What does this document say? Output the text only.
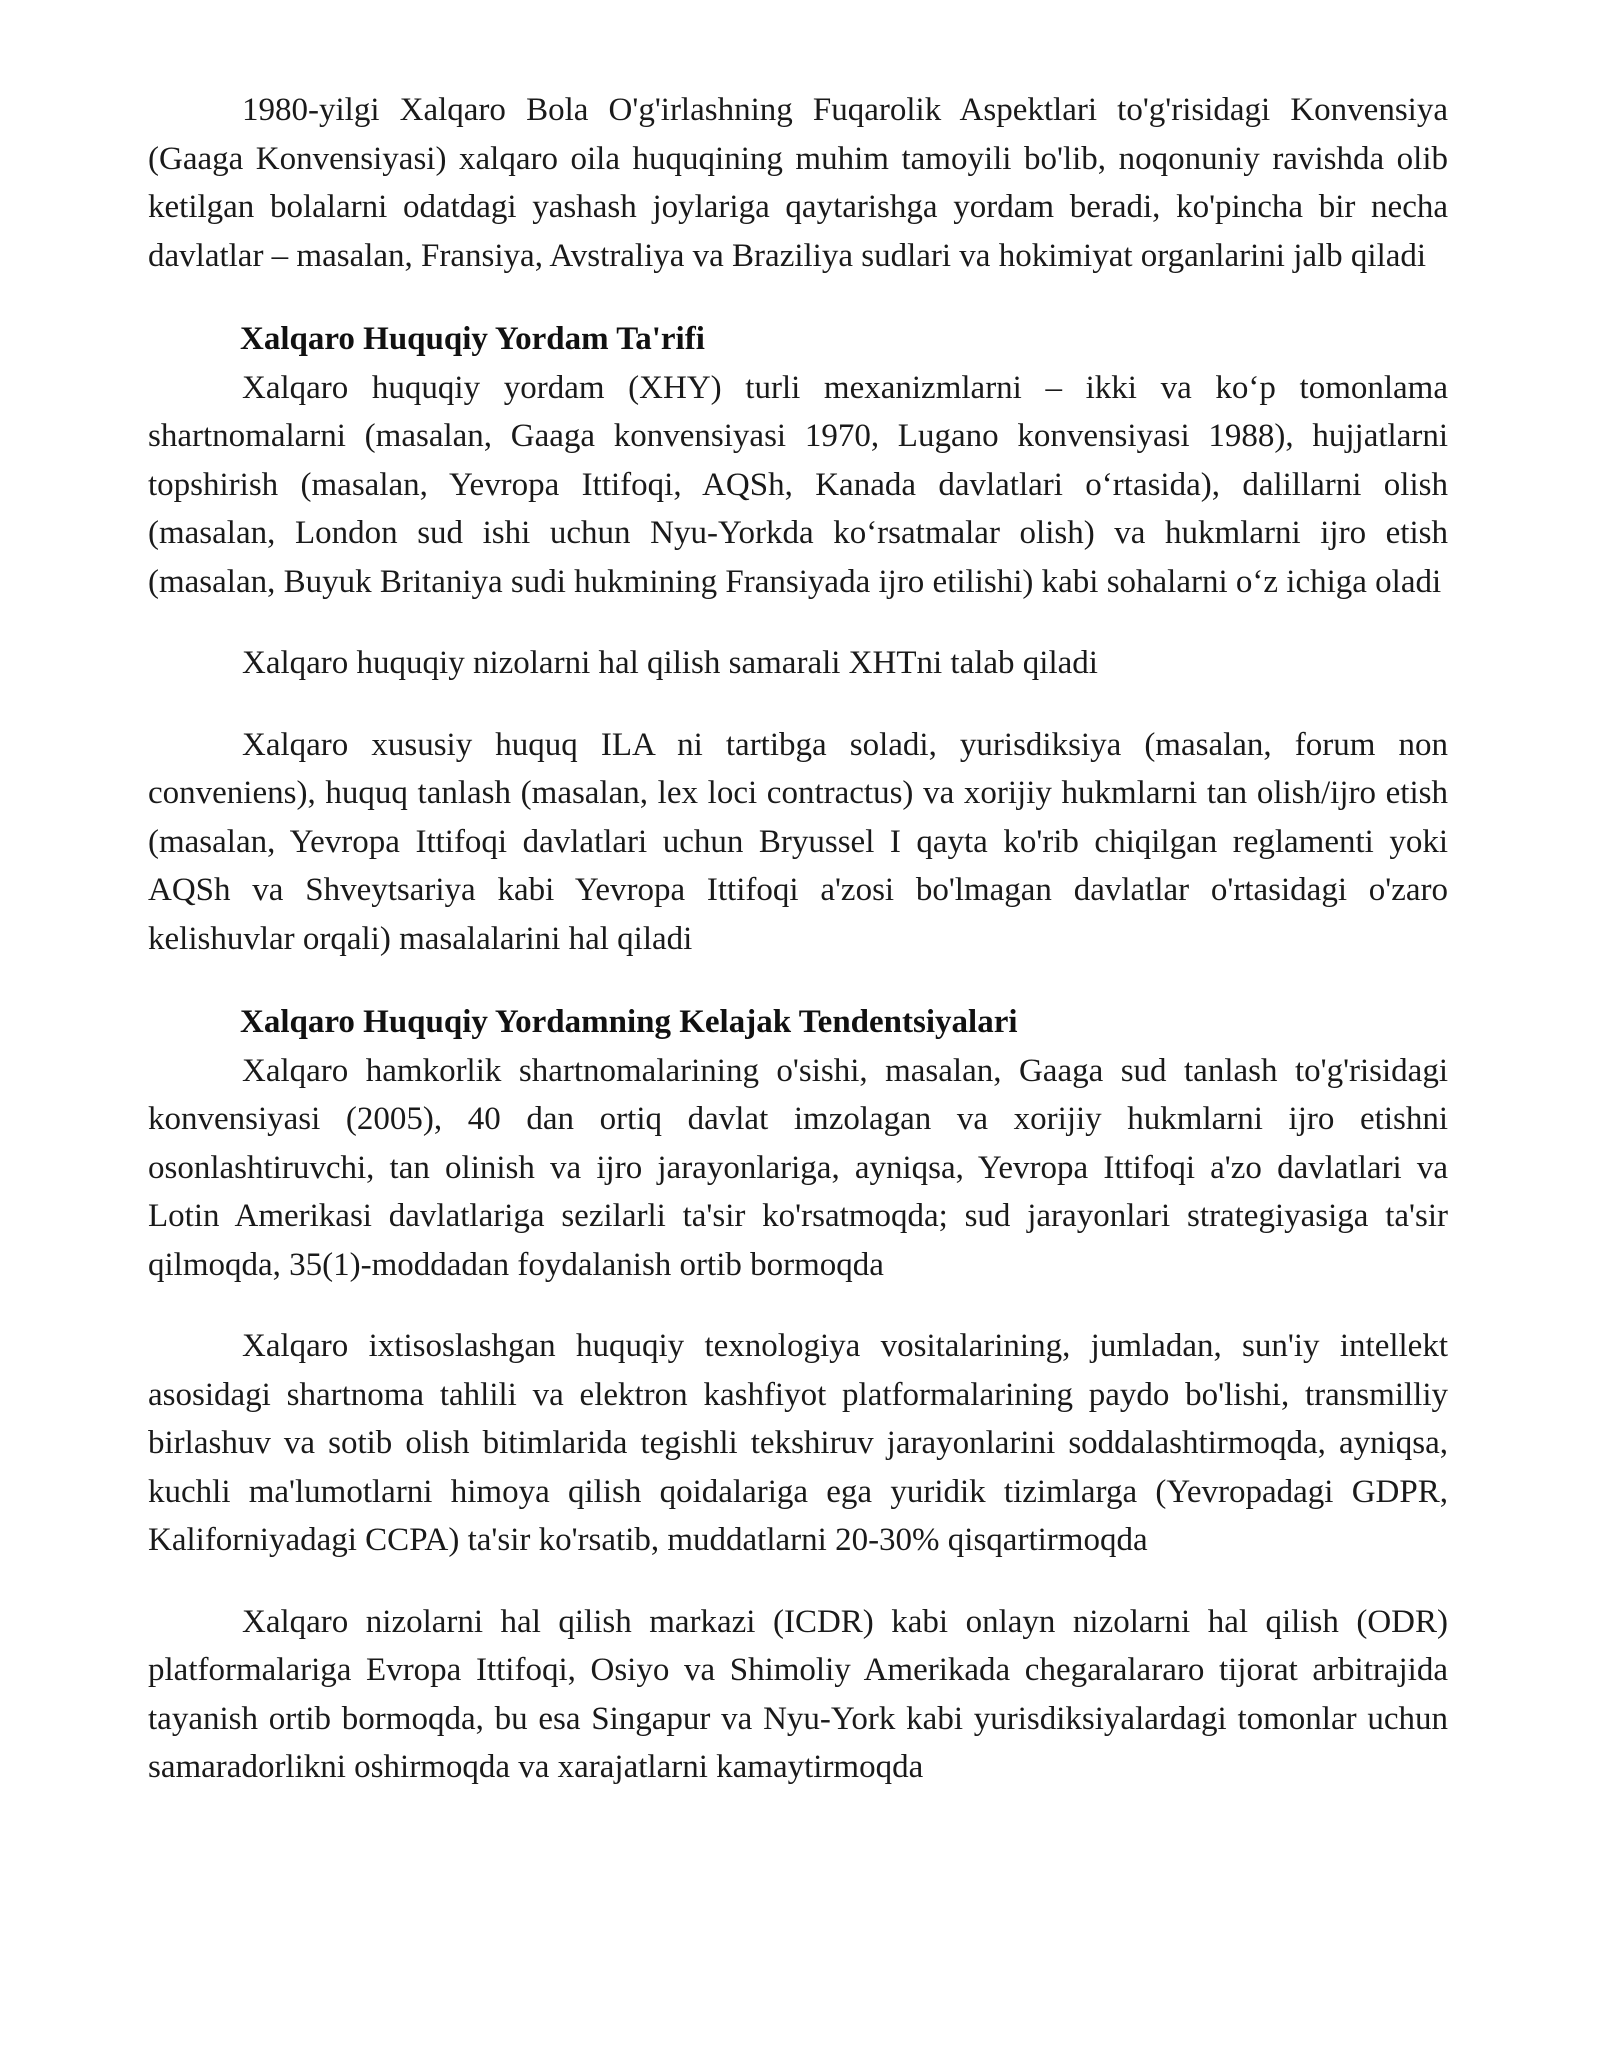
1980-yilgi Xalqaro Bola O'g'irlashning Fuqarolik Aspektlari to'g'risidagi Konvensiya (Gaaga Konvensiyasi) xalqaro oila huquqining muhim tamoyili bo'lib, noqonuniy ravishda olib ketilgan bolalarni odatdagi yashash joylariga qaytarishga yordam beradi, ko'pincha bir necha davlatlar – masalan, Fransiya, Avstraliya va Braziliya sudlari va hokimiyat organlarini jalb qiladi

Xalqaro Huquqiy Yordam Ta'rifi

Xalqaro huquqiy yordam (XHY) turli mexanizmlarni – ikki va koʻp tomonlama shartnomalarni (masalan, Gaaga konvensiyasi 1970, Lugano konvensiyasi 1988), hujjatlarni topshirish (masalan, Yevropa Ittifoqi, AQSh, Kanada davlatlari oʻrtasida), dalillarni olish (masalan, London sud ishi uchun Nyu-Yorkda koʻrsatmalar olish) va hukmlarni ijro etish (masalan, Buyuk Britaniya sudi hukmining Fransiyada ijro etilishi) kabi sohalarni oʻz ichiga oladi

Xalqaro huquqiy nizolarni hal qilish samarali XHTni talab qiladi

Xalqaro xususiy huquq ILA ni tartibga soladi, yurisdiksiya (masalan, forum non conveniens), huquq tanlash (masalan, lex loci contractus) va xorijiy hukmlarni tan olish/ijro etish (masalan, Yevropa Ittifoqi davlatlari uchun Bryussel I qayta ko'rib chiqilgan reglamenti yoki AQSh va Shveytsariya kabi Yevropa Ittifoqi a'zosi bo'lmagan davlatlar o'rtasidagi o'zaro kelishuvlar orqali) masalalarini hal qiladi

Xalqaro Huquqiy Yordamning Kelajak Tendentsiyalari

Xalqaro hamkorlik shartnomalarining o'sishi, masalan, Gaaga sud tanlash to'g'risidagi konvensiyasi (2005), 40 dan ortiq davlat imzolagan va xorijiy hukmlarni ijro etishni osonlashtiruvchi, tan olinish va ijro jarayonlariga, ayniqsa, Yevropa Ittifoqi a'zo davlatlari va Lotin Amerikasi davlatlariga sezilarli ta'sir ko'rsatmoqda; sud jarayonlari strategiyasiga ta'sir qilmoqda, 35(1)-moddadan foydalanish ortib bormoqda

Xalqaro ixtisoslashgan huquqiy texnologiya vositalarining, jumladan, sun'iy intellekt asosidagi shartnoma tahlili va elektron kashfiyot platformalarining paydo bo'lishi, transmilliy birlashuv va sotib olish bitimlarida tegishli tekshiruv jarayonlarini soddalashtirmoqda, ayniqsa, kuchli ma'lumotlarni himoya qilish qoidalariga ega yuridik tizimlarga (Yevropadagi GDPR, Kaliforniyadagi CCPA) ta'sir ko'rsatib, muddatlarni 20-30% qisqartirmoqda

Xalqaro nizolarni hal qilish markazi (ICDR) kabi onlayn nizolarni hal qilish (ODR) platformalariga Evropa Ittifoqi, Osiyo va Shimoliy Amerikada chegaralararo tijorat arbitrajida tayanish ortib bormoqda, bu esa Singapur va Nyu-York kabi yurisdiksiyalardagi tomonlar uchun samaradorlikni oshirmoqda va xarajatlarni kamaytirmoqda
